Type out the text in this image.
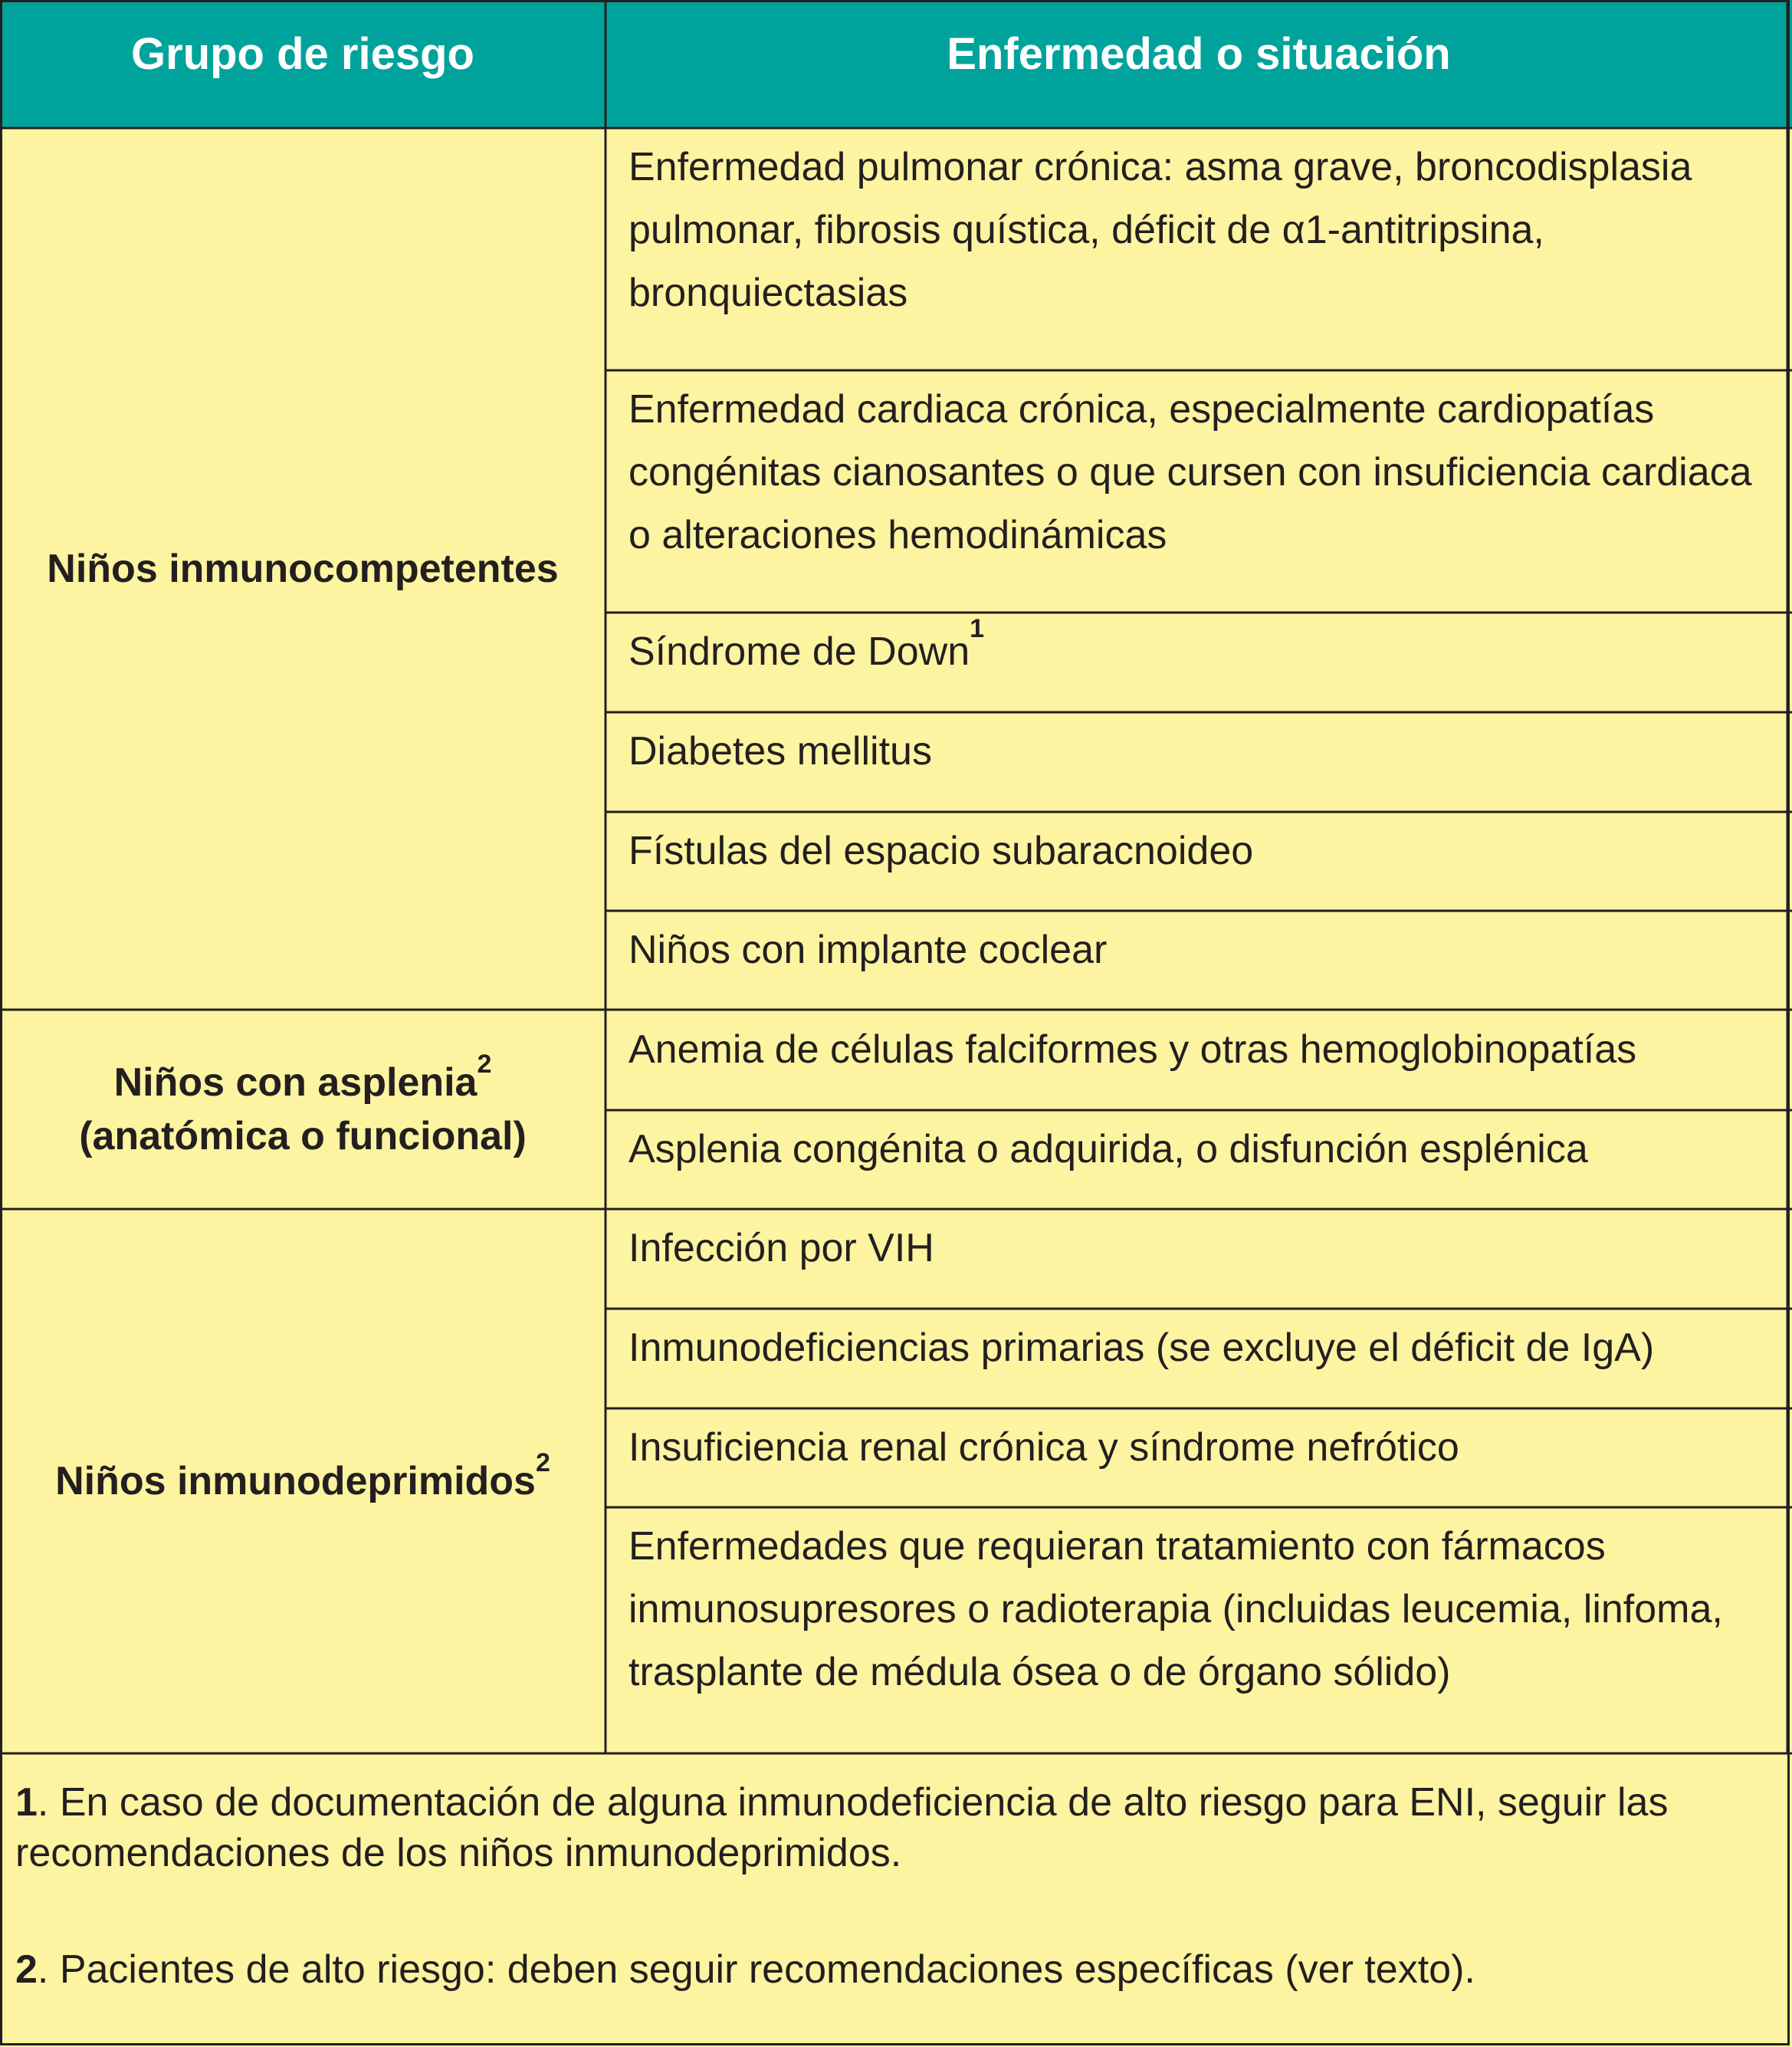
Grupo de riesgo	Enfermedad o situación
Niños inmunocompetentes
Niños con asplenia$^2$
(anatómica o funcional)
Niños inmunodeprimidos$^2$
Enfermedad pulmonar crónica: asma grave, broncodisplasia pulmonar, fibrosis quística, déficit de α1-antitripsina, bronquiectasias
Enfermedad cardiaca crónica, especialmente cardiopatías congénitas cianosantes o que cursen con insuficiencia cardiaca o alteraciones hemodinámicas
Síndrome de Down$^1$
Diabetes mellitus
Fístulas del espacio subaracnoideo
Niños con implante coclear
Anemia de células falciformes y otras hemoglobinopatías
Asplenia congénita o adquirida, o disfunción esplénica
Infección por VIH
Inmunodeficiencias primarias (se excluye el déficit de IgA)
Insuficiencia renal crónica y síndrome nefrótico
Enfermedades que requieran tratamiento con fármacos inmunosupresores o radioterapia (incluidas leucemia, linfoma, trasplante de médula ósea o de órgano sólido)
1. En caso de documentación de alguna inmunodeficiencia de alto riesgo para ENI, seguir las recomendaciones de los niños inmunodeprimidos.
2. Pacientes de alto riesgo: deben seguir recomendaciones específicas (ver texto).
